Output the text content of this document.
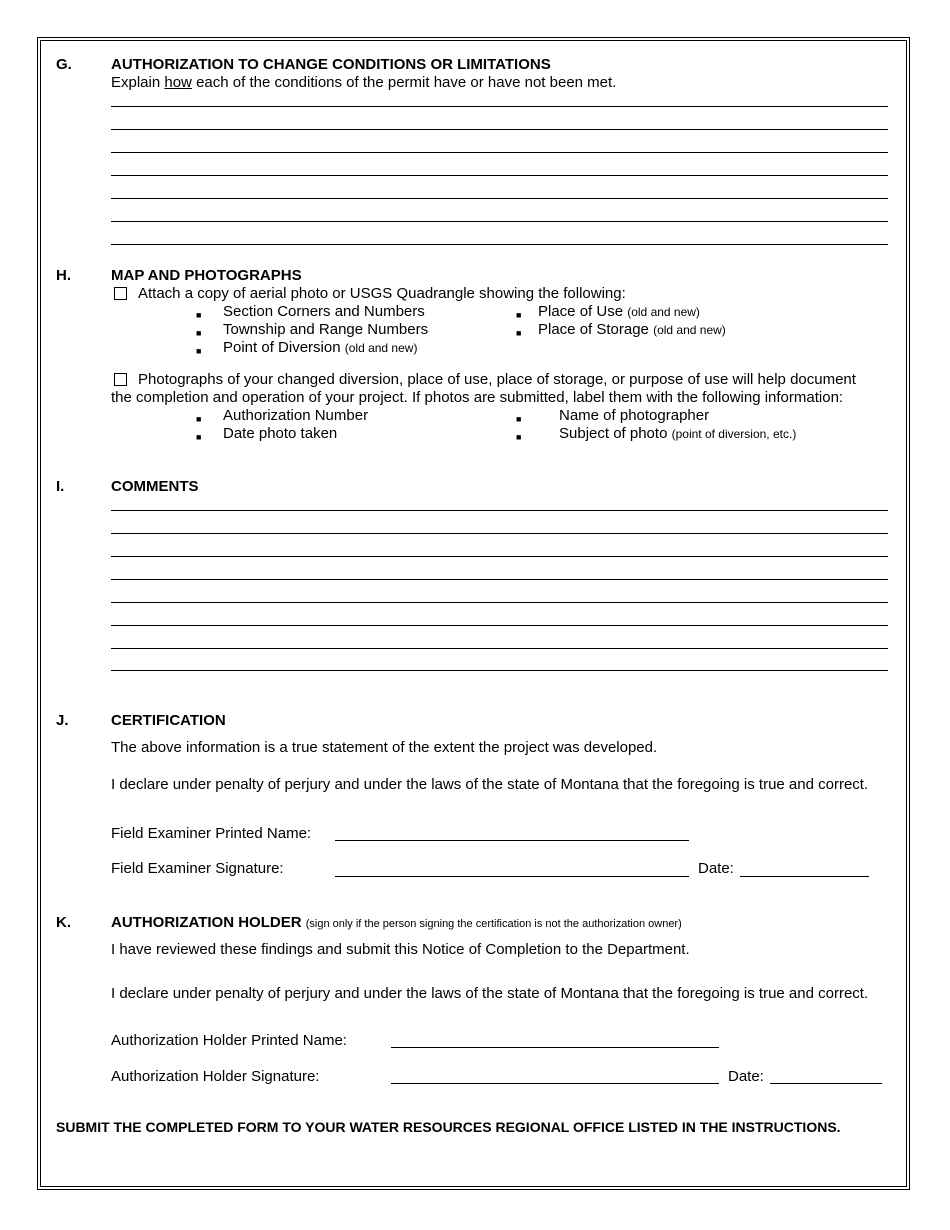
G.	AUTHORIZATION TO CHANGE CONDITIONS OR LIMITATIONS
Explain how each of the conditions of the permit have or have not been met.
H.	MAP AND PHOTOGRAPHS
Attach a copy of aerial photo or USGS Quadrangle showing the following:
■ Section Corners and Numbers
■ Township and Range Numbers
■ Point of Diversion (old and new)
■ Place of Use (old and new)
■ Place of Storage (old and new)
Photographs of your changed diversion, place of use, place of storage, or purpose of use will help document
the completion and operation of your project. If photos are submitted, label them with the following information:
■ Authorization Number
■ Date photo taken
■	Name of photographer
■	Subject of photo (point of diversion, etc.)
I.	COMMENTS
J.	CERTIFICATION
The above information is a true statement of the extent the project was developed.
I declare under penalty of perjury and under the laws of the state of Montana that the foregoing is true and correct.
Field Examiner Printed Name:
Field Examiner Signature:	Date:
K.	AUTHORIZATION HOLDER (sign only if the person signing the certification is not the authorization owner)
I have reviewed these findings and submit this Notice of Completion to the Department.
I declare under penalty of perjury and under the laws of the state of Montana that the foregoing is true and correct.
Authorization Holder Printed Name:
Authorization Holder Signature:	Date:
SUBMIT THE COMPLETED FORM TO YOUR WATER RESOURCES REGIONAL OFFICE LISTED IN THE INSTRUCTIONS.
